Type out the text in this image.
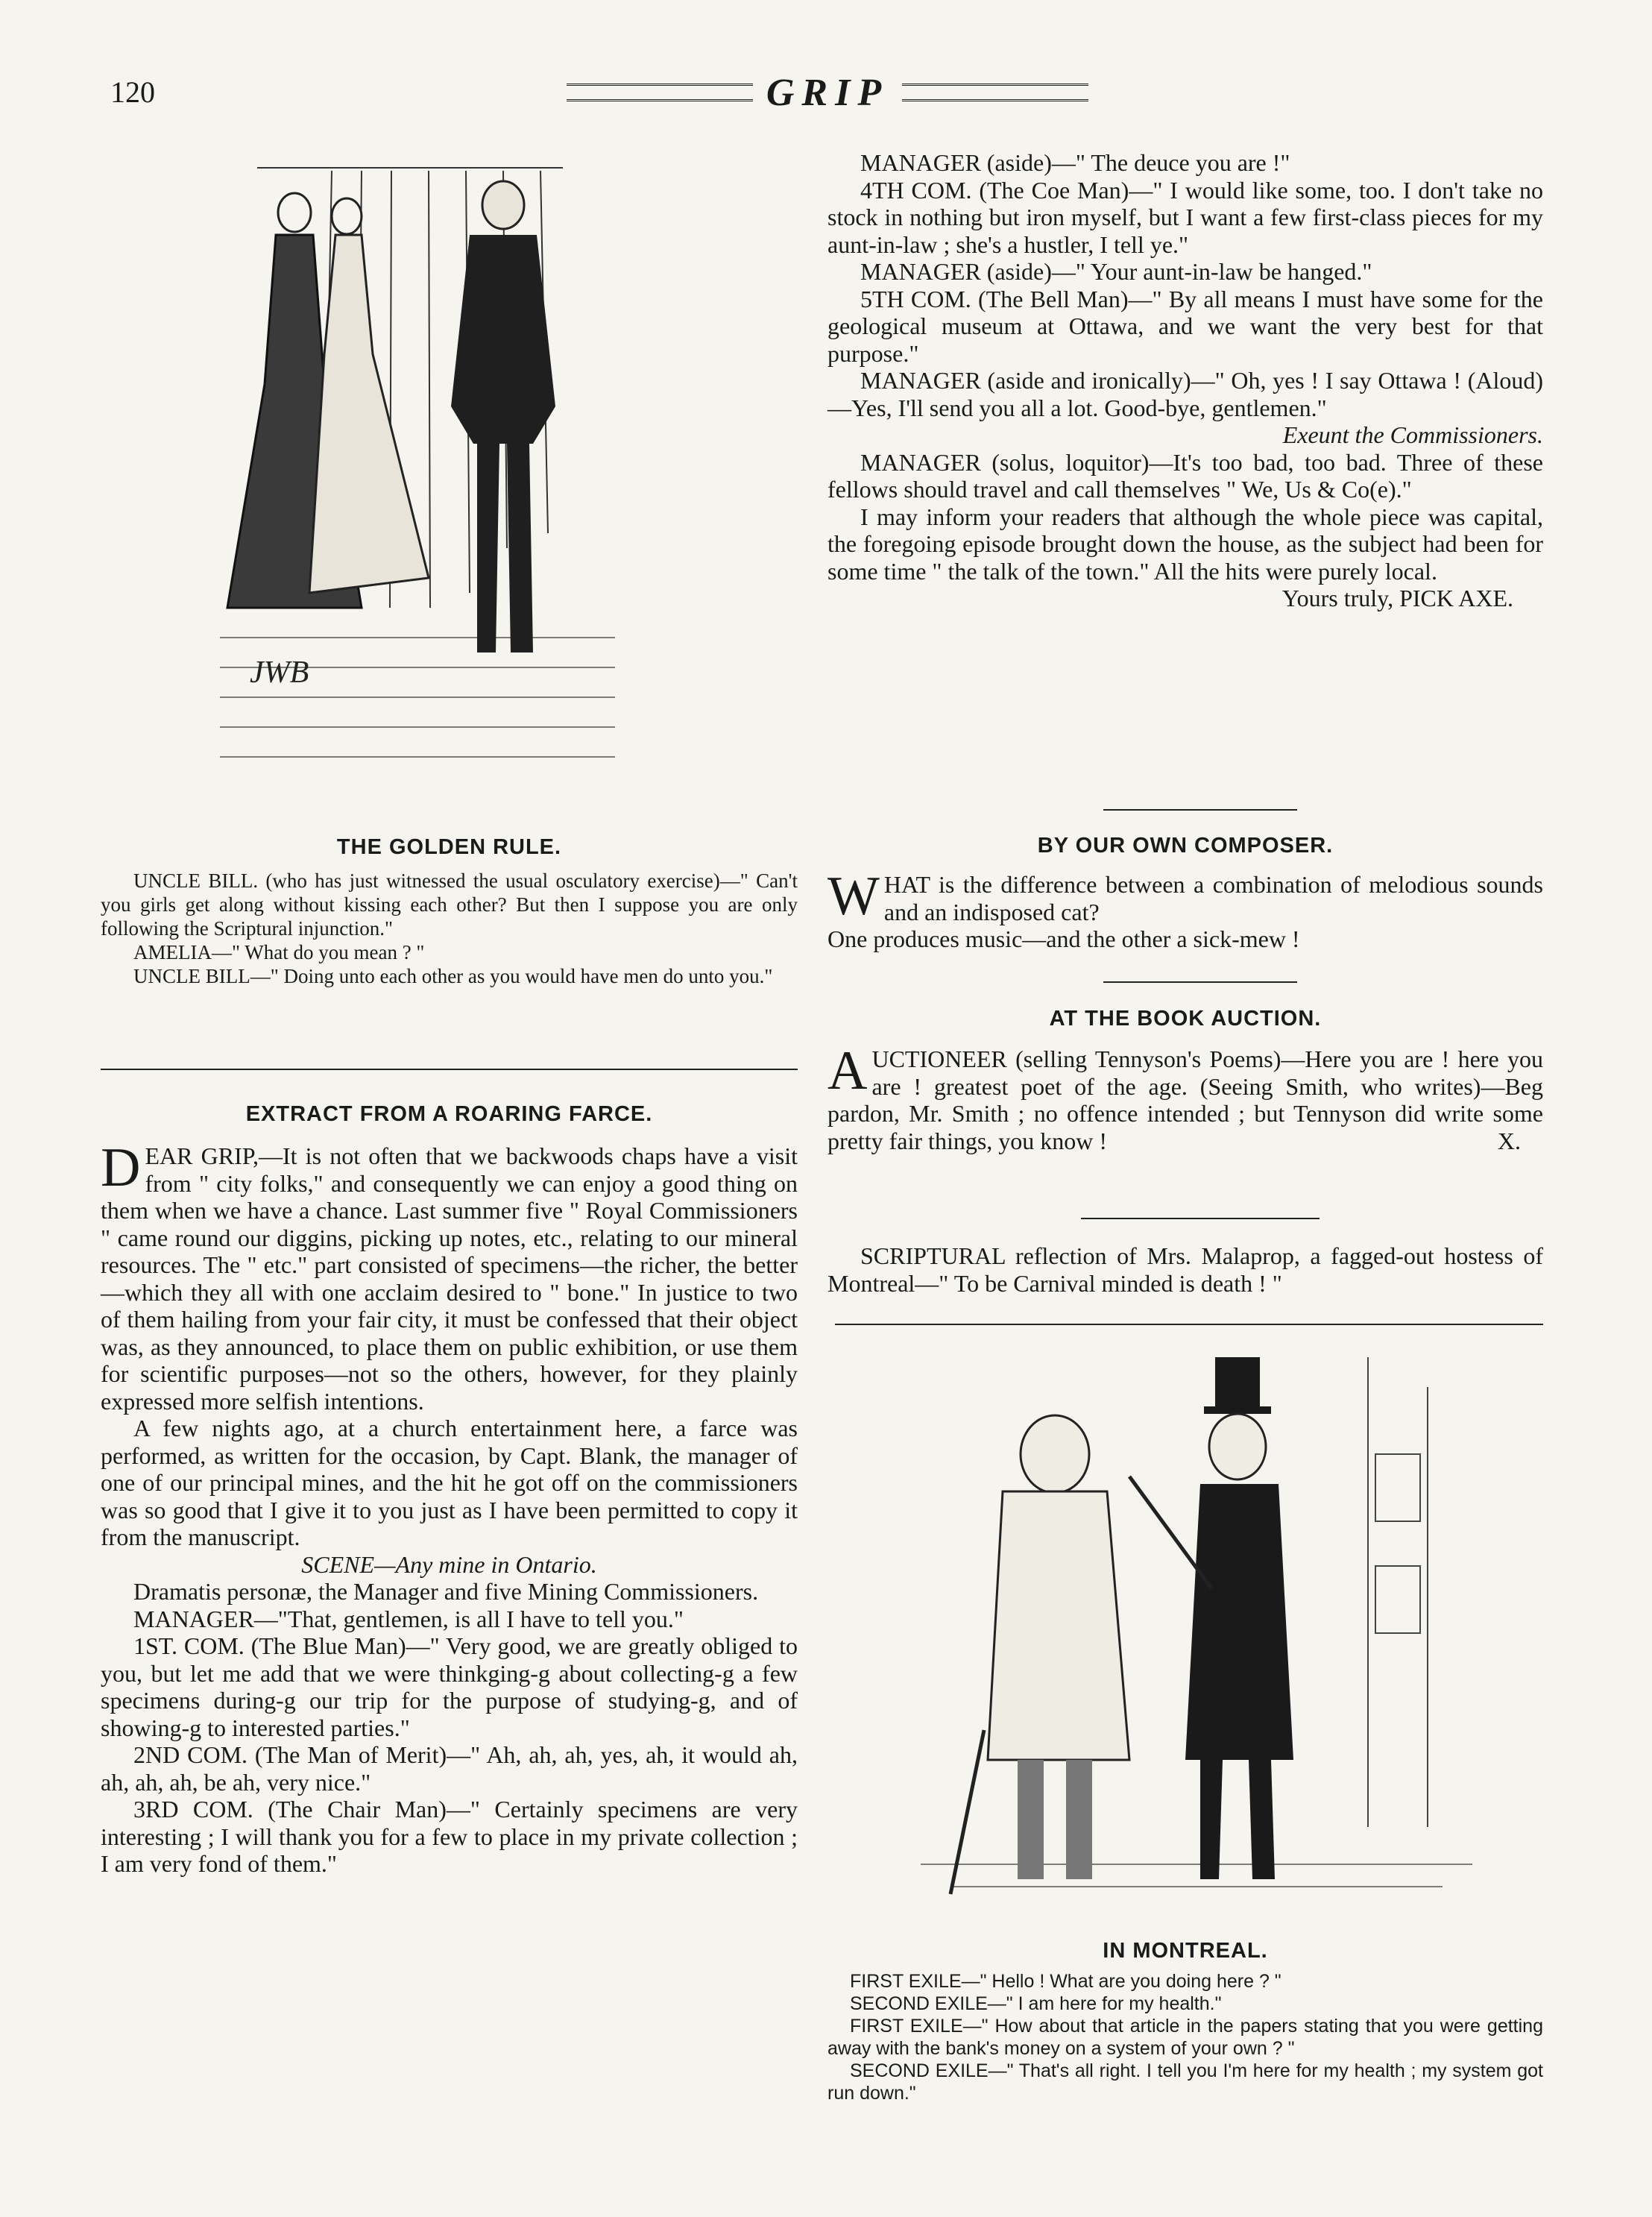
120	GRIP
JWB
THE GOLDEN RULE.

UNCLE BILL. (who has just witnessed the usual osculatory exercise)—" Can't you girls get along without kissing each other? But then I suppose you are only following the Scriptural injunction."

AMELIA—" What do you mean ? "

UNCLE BILL—" Doing unto each other as you would have men do unto you."

EXTRACT FROM A ROARING FARCE.
D EAR GRIP,—It is not often that we backwoods chaps have a visit from " city folks," and consequently we can enjoy a good thing on them when we have a chance. Last summer five " Royal Commissioners " came round our diggins, picking up notes, etc., relating to our mineral resources. The " etc." part consisted of specimens—the richer, the better—which they all with one acclaim desired to " bone." In justice to two of them hailing from your fair city, it must be confessed that their object was, as they announced, to place them on public exhibition, or use them for scientific purposes—not so the others, however, for they plainly expressed more selfish intentions.

A few nights ago, at a church entertainment here, a farce was performed, as written for the occasion, by Capt. Blank, the manager of one of our principal mines, and the hit he got off on the commissioners was so good that I give it to you just as I have been permitted to copy it from the manuscript.

SCENE—Any mine in Ontario.

Dramatis personæ, the Manager and five Mining Commissioners.

MANAGER—"That, gentlemen, is all I have to tell you."

1ST. COM. (The Blue Man)—" Very good, we are greatly obliged to you, but let me add that we were thinkging-g about collecting-g a few specimens during-g our trip for the purpose of studying-g, and of showing-g to interested parties."

2ND COM. (The Man of Merit)—" Ah, ah, ah, yes, ah, it would ah, ah, ah, ah, be ah, very nice."

3RD COM. (The Chair Man)—" Certainly specimens are very interesting ; I will thank you for a few to place in my private collection ; I am very fond of them."

MANAGER (aside)—" The deuce you are !"

4TH COM. (The Coe Man)—" I would like some, too. I don't take no stock in nothing but iron myself, but I want a few first-class pieces for my aunt-in-law ; she's a hustler, I tell ye."

MANAGER (aside)—" Your aunt-in-law be hanged."

5TH COM. (The Bell Man)—" By all means I must have some for the geological museum at Ottawa, and we want the very best for that purpose."

MANAGER (aside and ironically)—" Oh, yes ! I say Ottawa ! (Aloud)—Yes, I'll send you all a lot. Good-bye, gentlemen."

Exeunt the Commissioners.

MANAGER (solus, loquitor)—It's too bad, too bad. Three of these fellows should travel and call themselves " We, Us & Co(e)."

I may inform your readers that although the whole piece was capital, the foregoing episode brought down the house, as the subject had been for some time " the talk of the town." All the hits were purely local.

Yours truly, PICK AXE.

BY OUR OWN COMPOSER.
W HAT is the difference between a combination of melodious sounds and an indisposed cat?

One produces music—and the other a sick-mew !

AT THE BOOK AUCTION.
A UCTIONEER (selling Tennyson's Poems)—Here you are ! here you are ! greatest poet of the age. (Seeing Smith, who writes)—Beg pardon, Mr. Smith ; no offence intended ; but Tennyson did write some pretty fair things, you know !	X.

SCRIPTURAL reflection of Mrs. Malaprop, a fagged-out hostess of Montreal—" To be Carnival minded is death ! "

IN MONTREAL.

FIRST EXILE—" Hello ! What are you doing here ? "

SECOND EXILE—" I am here for my health."

FIRST EXILE—" How about that article in the papers stating that you were getting away with the bank's money on a system of your own ? "

SECOND EXILE—" That's all right. I tell you I'm here for my health ; my system got run down."
